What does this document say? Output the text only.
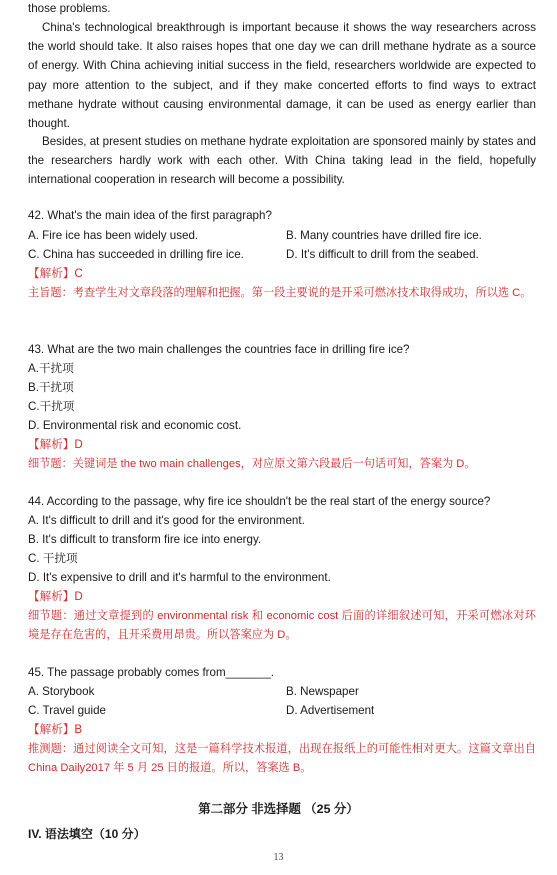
those problems.
China's technological breakthrough is important because it shows the way researchers across the world should take. It also raises hopes that one day we can drill methane hydrate as a source of energy. With China achieving initial success in the field, researchers worldwide are expected to pay more attention to the subject, and if they make concerted efforts to find ways to extract methane hydrate without causing environmental damage, it can be used as energy earlier than thought.
Besides, at present studies on methane hydrate exploitation are sponsored mainly by states and the researchers hardly work with each other. With China taking lead in the field, hopefully international cooperation in research will become a possibility.
42. What's the main idea of the first paragraph?
A. Fire ice has been widely used.	B. Many countries have drilled fire ice.
C. China has succeeded in drilling fire ice.	D. It's difficult to drill from the seabed.
【解析】C
主旨题：考查学生对文章段落的理解和把握。第一段主要说的是开采可燃冰技术取得成功，所以选 C。
43. What are the two main challenges the countries face in drilling fire ice?
A.干扰项
B.干扰项
C.干扰项
D. Environmental risk and economic cost.
【解析】D
细节题：关键词是 the two main challenges，对应原文第六段最后一句话可知，答案为 D。
44. According to the passage, why fire ice shouldn't be the real start of the energy source?
A. It's difficult to drill and it's good for the environment.
B. It's difficult to transform fire ice into energy.
C. 干扰项
D. It's expensive to drill and it's harmful to the environment.
【解析】D
细节题：通过文章提到的 environmental risk 和 economic cost 后面的详细叙述可知，开采可燃冰对环境是存在危害的，且开采费用昂贵。所以答案应为 D。
45. The passage probably comes from_______.
A. Storybook	B. Newspaper
C. Travel guide	D. Advertisement
【解析】B
推测题：通过阅读全文可知，这是一篇科学技术报道，出现在报纸上的可能性相对更大。这篇文章出自 China Daily2017 年 5 月 25 日的报道。所以，答案选 B。
第二部分 非选择题 （25 分）
IV. 语法填空（10 分）
13
